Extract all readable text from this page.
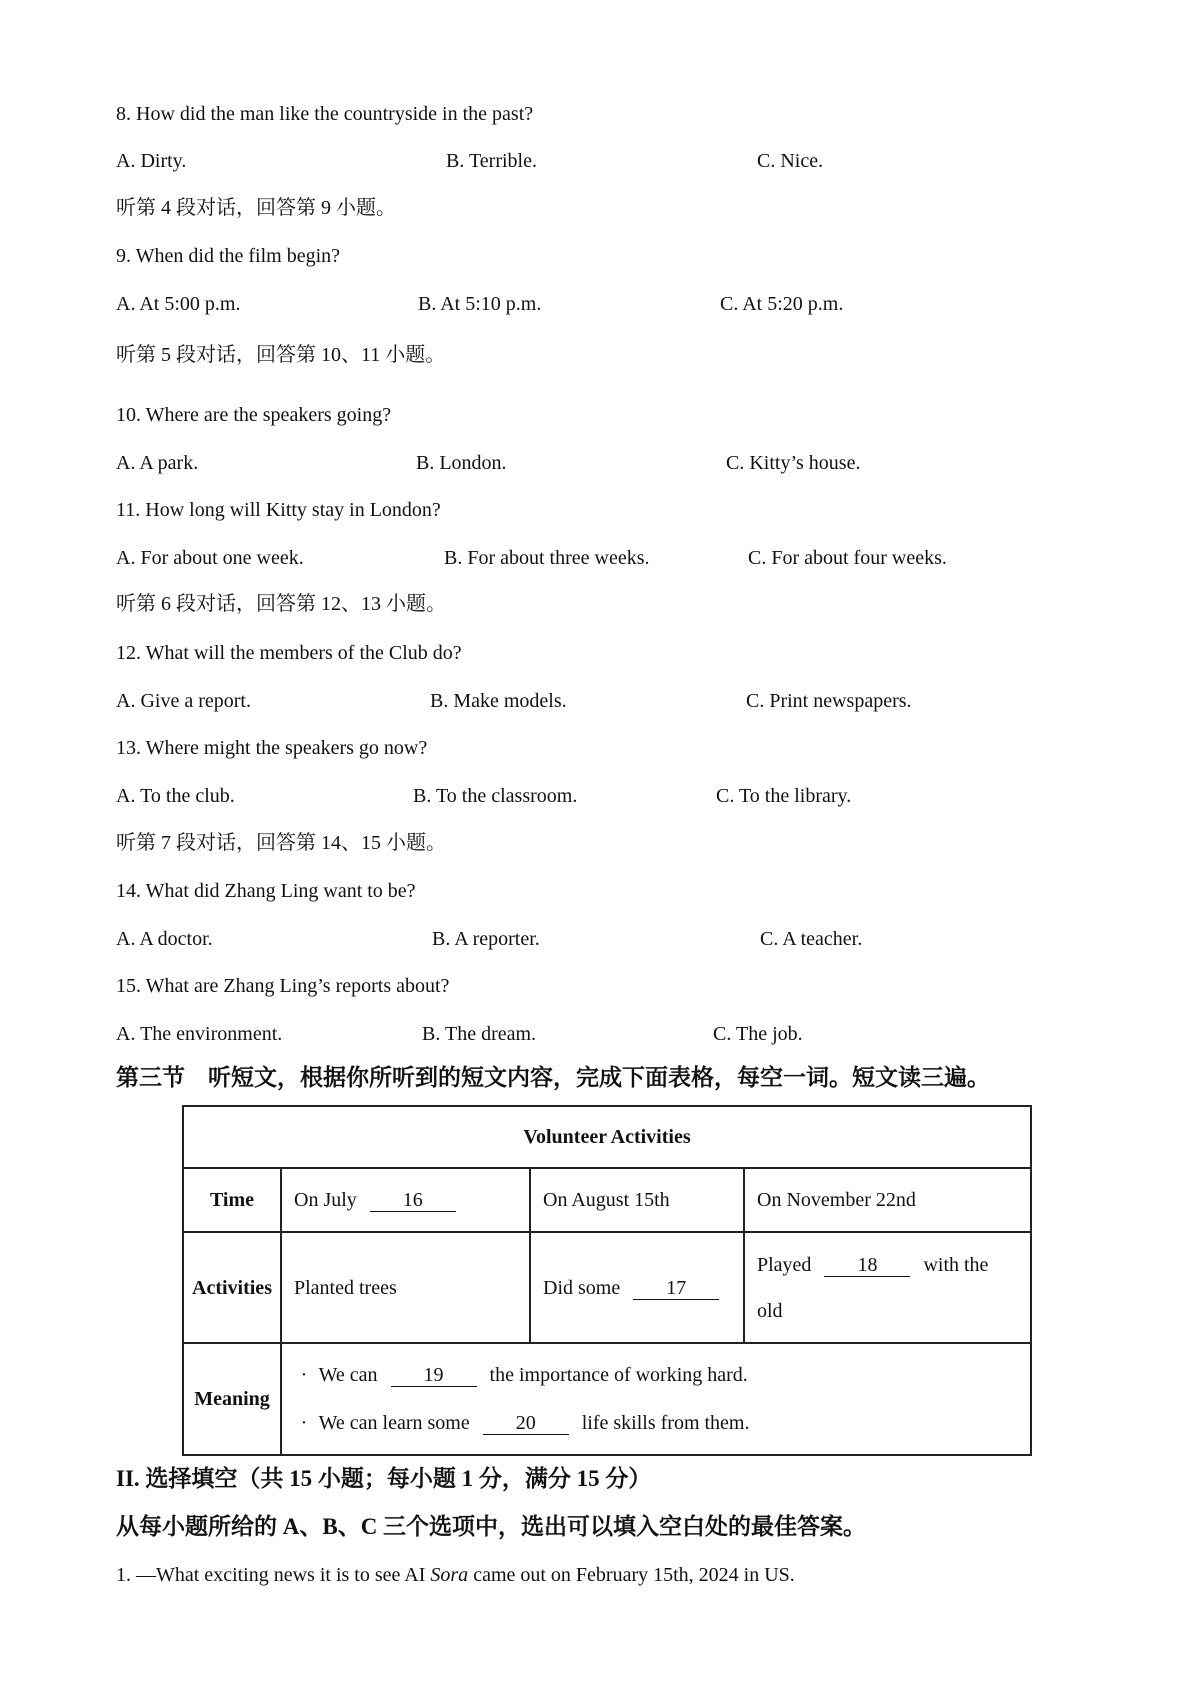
8. How did the man like the countryside in the past?
A. Dirty.	B. Terrible.	C. Nice.
听第 4 段对话，回答第 9 小题。
9. When did the film begin?
A. At 5:00 p.m.	B. At 5:10 p.m.	C. At 5:20 p.m.
听第 5 段对话，回答第 10、11 小题。
10. Where are the speakers going?
A. A park.	B. London.	C. Kitty’s house.
11. How long will Kitty stay in London?
A. For about one week.	B. For about three weeks.	C. For about four weeks.
听第 6 段对话，回答第 12、13 小题。
12. What will the members of the Club do?
A. Give a report.	B. Make models.	C. Print newspapers.
13. Where might the speakers go now?
A. To the club.	B. To the classroom.	C. To the library.
听第 7 段对话，回答第 14、15 小题。
14. What did Zhang Ling want to be?
A. A doctor.	B. A reporter.	C. A teacher.
15. What are Zhang Ling’s reports about?
A. The environment.	B. The dream.	C. The job.
第三节　听短文，根据你所听到的短文内容，完成下面表格，每空一词。短文读三遍。
Volunteer Activities			
Time	On July 16	On August 15th	On November 22nd
Activities	Planted trees	Did some 17	Played 18 with the
old
Meaning	· We can 19 the importance of working hard.
· We can learn some 20 life skills from them.		
II. 选择填空（共 15 小题；每小题 1 分，满分 15 分）
从每小题所给的 A、B、C 三个选项中，选出可以填入空白处的最佳答案。
1. —What exciting news it is to see AI Sora came out on February 15th, 2024 in US.
